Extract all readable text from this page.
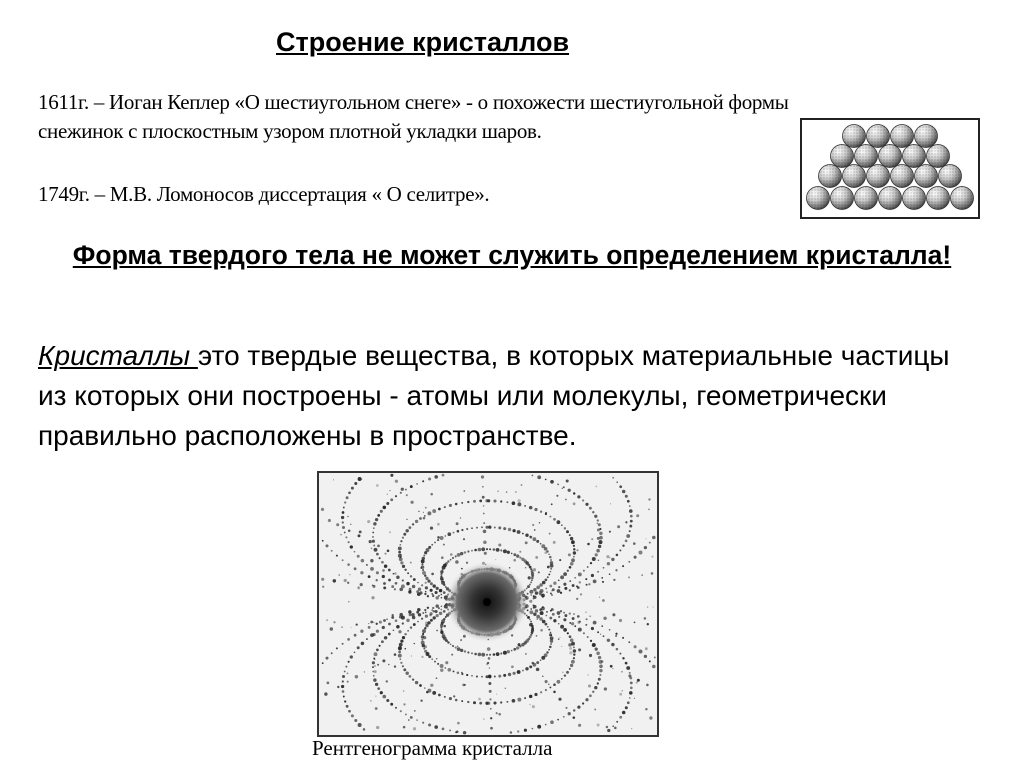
Строение кристаллов
1611г. – Иоган Кеплер «О шестиугольном снеге» - о похожести шестиугольной формы
снежинок с плоскостным узором плотной укладки шаров.
1749г. – М.В. Ломоносов диссертация « О селитре».
Форма твердого тела не может служить определением кристалла!
Кристаллы это твердые вещества, в которых материальные частицы из которых они построены - атомы или молекулы, геометрически правильно расположены в пространстве.
Рентгенограмма кристалла
